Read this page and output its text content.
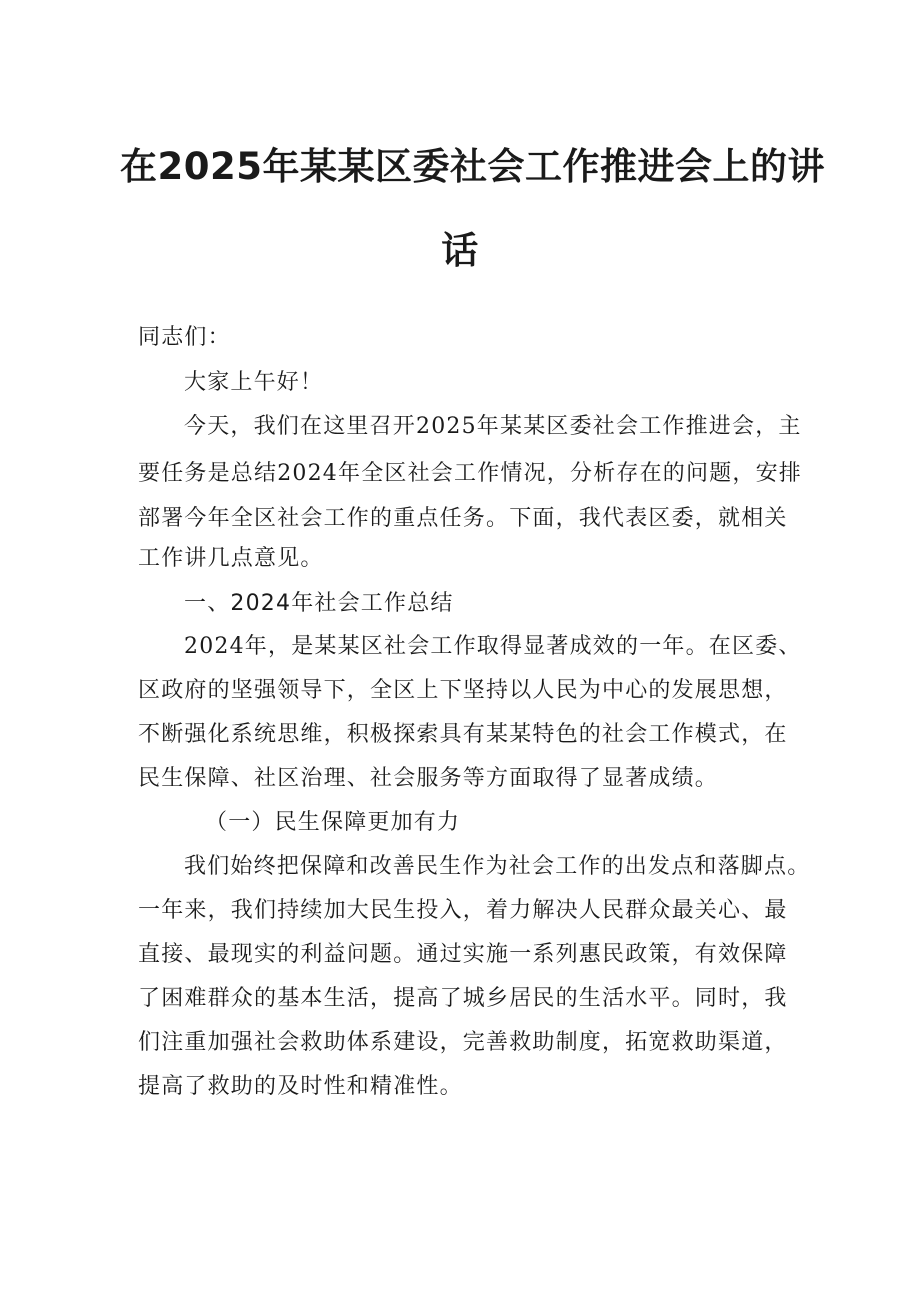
在2025年某某区委社会工作推进会上的讲
话
同志们：
大家上午好！
今天，我们在这里召开2025年某某区委社会工作推进会，主
要任务是总结2024年全区社会工作情况，分析存在的问题，安排
部署今年全区社会工作的重点任务。下面，我代表区委，就相关
工作讲几点意见。
一、2024年社会工作总结
2024年，是某某区社会工作取得显著成效的一年。在区委、
区政府的坚强领导下，全区上下坚持以人民为中心的发展思想，
不断强化系统思维，积极探索具有某某特色的社会工作模式，在
民生保障、社区治理、社会服务等方面取得了显著成绩。
（一）民生保障更加有力
我们始终把保障和改善民生作为社会工作的出发点和落脚点。
一年来，我们持续加大民生投入，着力解决人民群众最关心、最
直接、最现实的利益问题。通过实施一系列惠民政策，有效保障
了困难群众的基本生活，提高了城乡居民的生活水平。同时，我
们注重加强社会救助体系建设，完善救助制度，拓宽救助渠道，
提高了救助的及时性和精准性。
